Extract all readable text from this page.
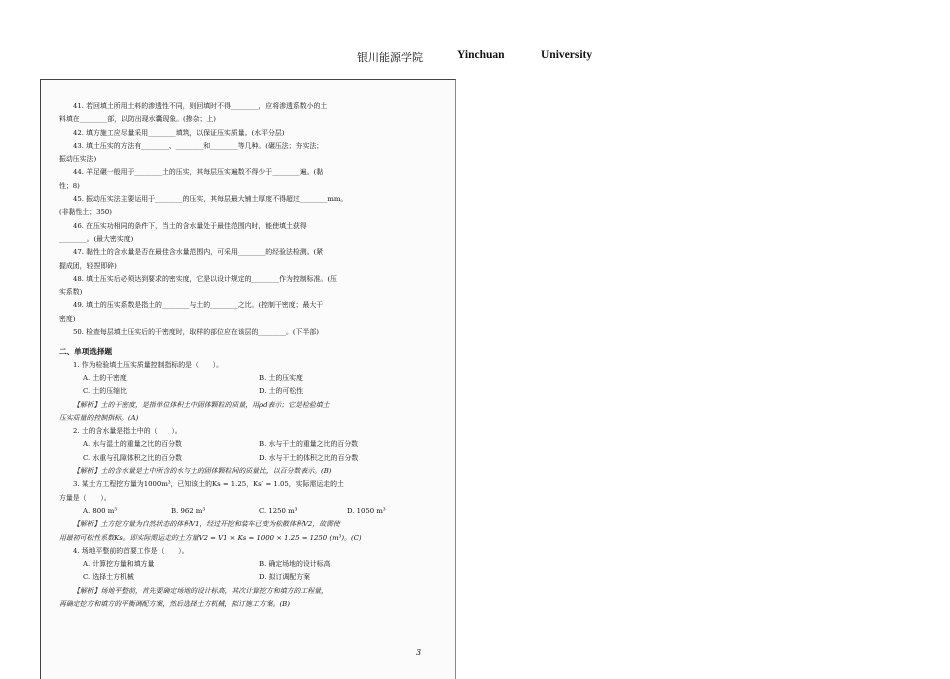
银川能源学院	Yinchuan	University
41. 若回填土所用土料的渗透性不同，则回填时不得________，应将渗透系数小的土
料填在________部，以防出现水囊现象。(掺杂；上)
42. 填方施工应尽量采用________填筑，以保证压实质量。(水平分层)
43. 填土压实的方法有________、________和________等几种。(碾压法；夯实法；
振动压实法)
44. 羊足碾一般用于________土的压实，其每层压实遍数不得少于________遍。(黏
性；8)
45. 振动压实法主要运用于________的压实，其每层最大铺土厚度不得超过________mm。
(非黏性土；350)
46. 在压实功相同的条件下，当土的含水量处于最佳范围内时，能使填土获得
________。(最大密实度)
47. 黏性土的含水量是否在最佳含水量范围内，可采用________的经验法检测。(紧
握成团，轻捏即碎)
48. 填土压实后必须达到要求的密实度，它是以设计规定的________作为控制标准。(压
实系数)
49. 填土的压实系数是指土的________与土的________之比。(控制干密度；最大干
密度)
50. 检查每层填土压实后的干密度时，取样的部位应在该层的________。(下半部)
二、单项选择题
1. 作为检验填土压实质量控制指标的是（　　）。
A. 土的干密度	B. 土的压实度
C. 土的压缩比	D. 土的可松性
【解析】土的干密度，是指单位体积土中固体颗粒的质量，用ρd表示；它是检验填土
压实质量的控制指标。(A)
2. 土的含水量是指土中的（　　）。
A. 水与湿土的重量之比的百分数	B. 水与干土的重量之比的百分数
C. 水重与孔隙体积之比的百分数	D. 水与干土的体积之比的百分数
【解析】土的含水量是土中所含的水与土的固体颗粒间的质量比，以百分数表示。(B)
3. 某土方工程挖方量为1000m³，已知该土的Ks = 1.25，Ks′ = 1.05，实际需运走的土
方量是（　　）。
A. 800 m³	B. 962 m³	C. 1250 m³	D. 1050 m³
【解析】土方挖方量为自然状态的体积V1，经过开挖和装车已变为松散体积V2，故需使
用最初可松性系数Ks。即实际需运走的土方量V2 = V1 × Ks = 1000 × 1.25 = 1250 (m³)。(C)
4. 场地平整前的首要工作是（　　）。
A. 计算挖方量和填方量	B. 确定场地的设计标高
C. 选择土方机械	D. 拟订调配方案
【解析】场地平整前，首先要确定场地的设计标高，其次计算挖方和填方的工程量，
再确定挖方和填方的平衡调配方案，然后选择土方机械，拟订施工方案。(B)
3
